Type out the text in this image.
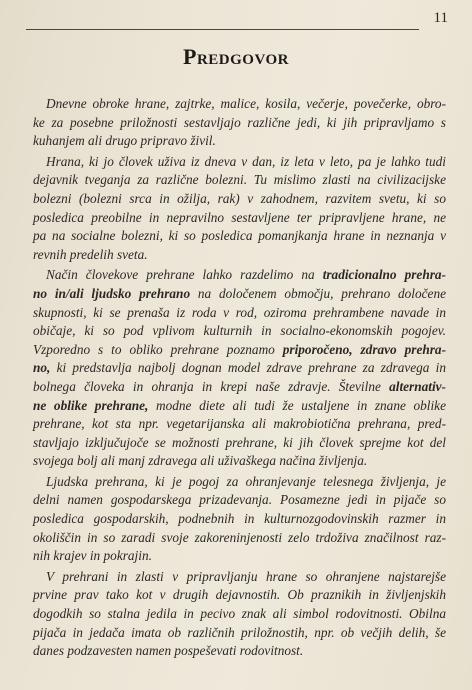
11
Predgovor

Dnevne obroke hrane, zajtrke, malice, kosila, večerje, povečerke, obro-
ke za posebne priložnosti sestavljajo različne jedi, ki jih pripravljamo s
kuhanjem ali drugo pripravo živil.

Hrana, ki jo človek uživa iz dneva v dan, iz leta v leto, pa je lahko tudi
dejavnik tveganja za različne bolezni. Tu mislimo zlasti na civilizacijske
bolezni (bolezni srca in ožilja, rak) v zahodnem, razvitem svetu, ki so
posledica preobilne in nepravilno sestavljene ter pripravljene hrane, ne
pa na socialne bolezni, ki so posledica pomanjkanja hrane in neznanja v
revnih predelih sveta.

Način človekove prehrane lahko razdelimo na tradicionalno prehra-
no in/ali ljudsko prehrano na določenem območju, prehrano določene
skupnosti, ki se prenaša iz roda v rod, oziroma prehrambene navade in
običaje, ki so pod vplivom kulturnih in socialno-ekonomskih pogojev.
Vzporedno s to obliko prehrane poznamo priporočeno, zdravo prehra-
no, ki predstavlja najbolj dognan model zdrave prehrane za zdravega in
bolnega človeka in ohranja in krepi naše zdravje. Številne alternativ-
ne oblike prehrane, modne diete ali tudi že ustaljene in znane oblike
prehrane, kot sta npr. vegetarijanska ali makrobiotična prehrana, pred-
stavljajo izključujoče se možnosti prehrane, ki jih človek sprejme kot del
svojega bolj ali manj zdravega ali uživaškega načina življenja.

Ljudska prehrana, ki je pogoj za ohranjevanje telesnega življenja, je
delni namen gospodarskega prizadevanja. Posamezne jedi in pijače so
posledica gospodarskih, podnebnih in kulturnozgodovinskih razmer in
okoliščin in so zaradi svoje zakoreninjenosti zelo trdoživa značilnost raz-
nih krajev in pokrajin.

V prehrani in zlasti v pripravljanju hrane so ohranjene najstarejše
prvine prav tako kot v drugih dejavnostih. Ob praznikih in življenjskih
dogodkih so stalna jedila in pecivo znak ali simbol rodovitnosti. Obilna
pijača in jedača imata ob različnih priložnostih, npr. ob večjih delih, še
danes podzavesten namen pospeševati rodovitnost.
